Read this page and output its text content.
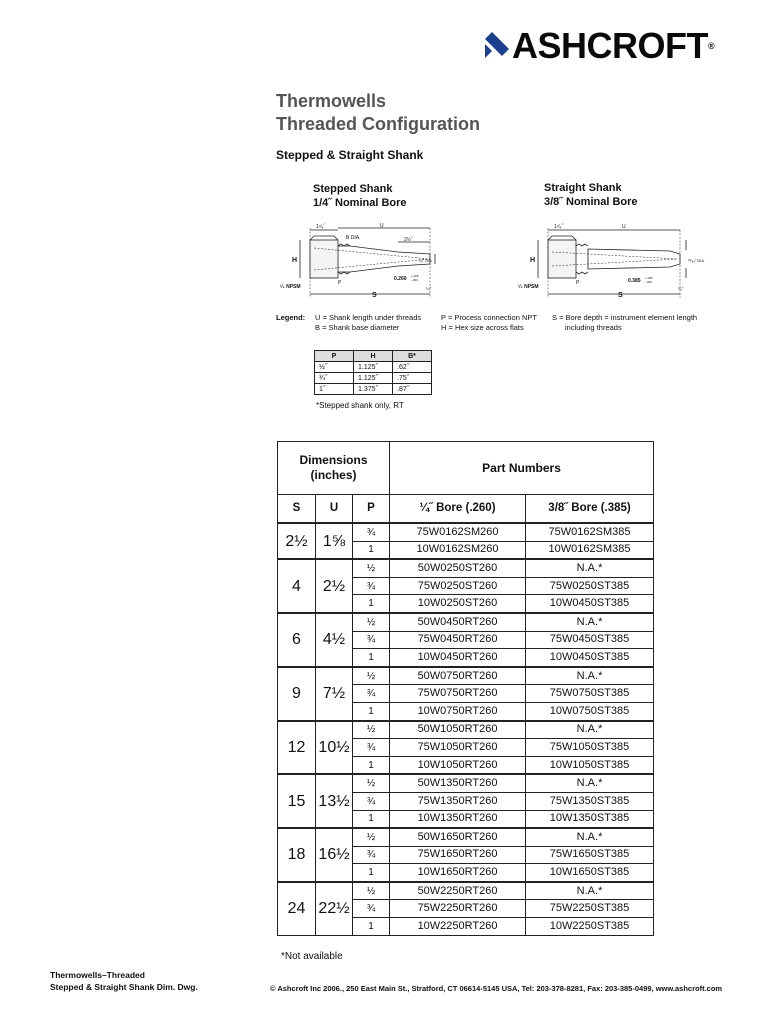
ASHCROFT®
Thermowells
Threaded Configuration
Stepped & Straight Shank
Stepped Shank
1/4˝ Nominal Bore
Straight Shank
3/8˝ Nominal Bore
1⁷⁄₈˝	U
B DIA.	2½˝
H	⁷⁄₈˝ DIA.
¹⁄₂ NPSM
P
0.260 +.005
-.000
¹⁄₄˝
S
1⁷⁄₈˝	U
H	²⁹⁄₆₄˝ DIA.
¹⁄₂ NPSM
P	0.385 +.005
-.000
¹⁄₄˝
S
Legend: U = Shank length under threads
B = Shank base diameter
P = Process connection NPT
H = Hex size across flats
S = Bore depth = instrument element length
including threads
P	H	B*
½˝	1.125˝	.62˝
¾˝	1.125˝	.75˝
1˝	1.375˝	.87˝
*Stepped shank only, RT
Dimensions
(inches)			Part Numbers	
S	U	P	¼˝ Bore (.260)	3/8˝ Bore (.385)
2½	1⅝	¾	75W0162SM260	75W0162SM385
		1	10W0162SM260	10W0162SM385
4	2½	½	50W0250ST260	N.A.*
		¾	75W0250ST260	75W0250ST385
		1	10W0250ST260	10W0450ST385
6	4½	½	50W0450RT260	N.A.*
		¾	75W0450RT260	75W0450ST385
		1	10W0450RT260	10W0450ST385
9	7½	½	50W0750RT260	N.A.*
		¾	75W0750RT260	75W0750ST385
		1	10W0750RT260	10W0750ST385
12	10½	½	50W1050RT260	N.A.*
		¾	75W1050RT260	75W1050ST385
		1	10W1050RT260	10W1050ST385
15	13½	½	50W1350RT260	N.A.*
		¾	75W1350RT260	75W1350ST385
		1	10W1350RT260	10W1350ST385
18	16½	½	50W1650RT260	N.A.*
		¾	75W1650RT260	75W1650ST385
		1	10W1650RT260	10W1650ST385
24	22½	½	50W2250RT260	N.A.*
		¾	75W2250RT260	75W2250ST385
		1	10W2250RT260	10W2250ST385
*Not available
Thermowells–Threaded
Stepped & Straight Shank Dim. Dwg.	© Ashcroft Inc 2006., 250 East Main St., Stratford, CT 06614-5145 USA, Tel: 203-378-8281, Fax: 203-385-0499, www.ashcroft.com
